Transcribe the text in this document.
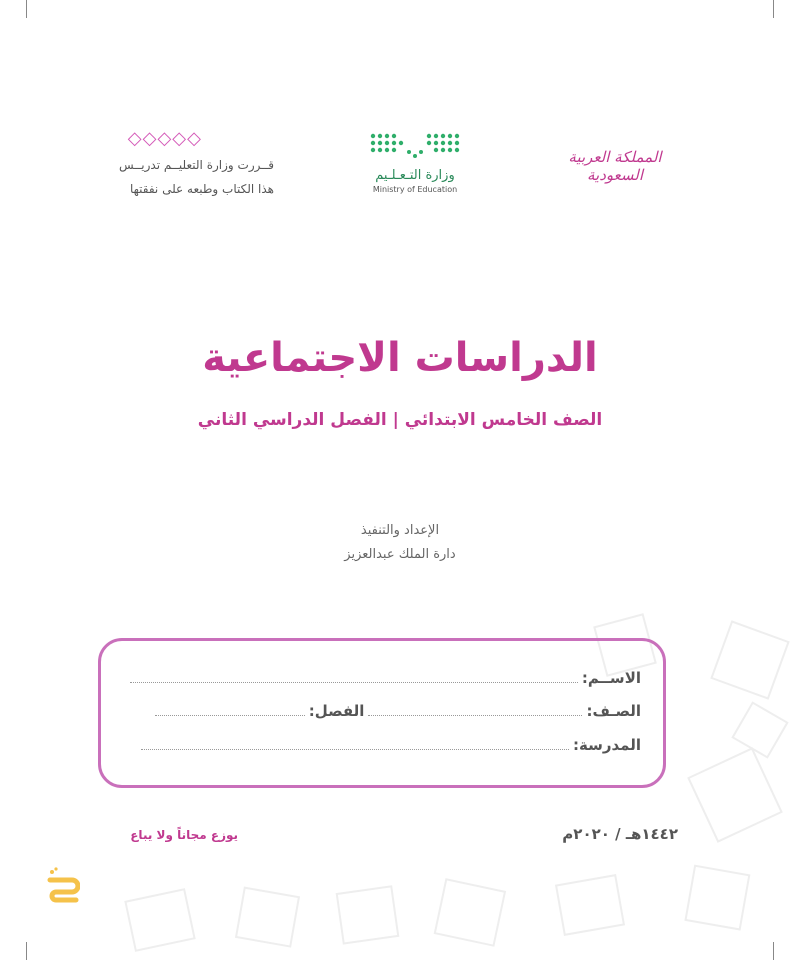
◇◇◇◇◇
قــررت وزارة التعليــم تدريــس
هذا الكتاب وطبعه على نفقتها
وزارة التـعـلـيم
Ministry of Education
المملكة العربية السعودية
الدراسات الاجتماعية
الصف الخامس الابتدائي | الفصل الدراسي الثاني
الإعداد والتنفيذ
دارة الملك عبدالعزيز
الاســم:
الصـف:
الفصل:
المدرسة:
١٤٤٢هـ / ٢٠٢٠م
يوزع مجاناً ولا يباع
